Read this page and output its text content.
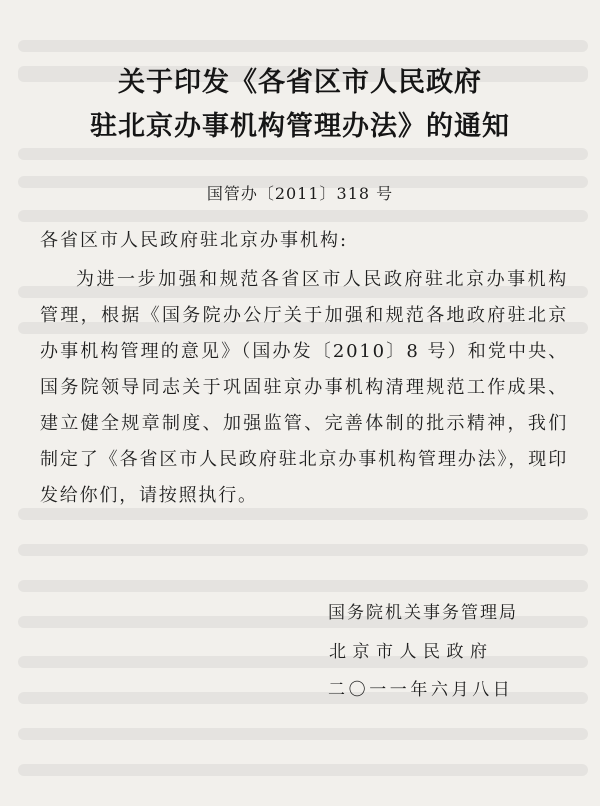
关于印发《各省区市人民政府
驻北京办事机构管理办法》的通知
国管办〔2011〕318 号
各省区市人民政府驻北京办事机构:
为进一步加强和规范各省区市人民政府驻北京办事机构管理，根据《国务院办公厅关于加强和规范各地政府驻北京办事机构管理的意见》（国办发〔2010〕8 号）和党中央、国务院领导同志关于巩固驻京办事机构清理规范工作成果、建立健全规章制度、加强监管、完善体制的批示精神，我们制定了《各省区市人民政府驻北京办事机构管理办法》，现印发给你们，请按照执行。
国务院机关事务管理局
北京市人民政府
二〇一一年六月八日
